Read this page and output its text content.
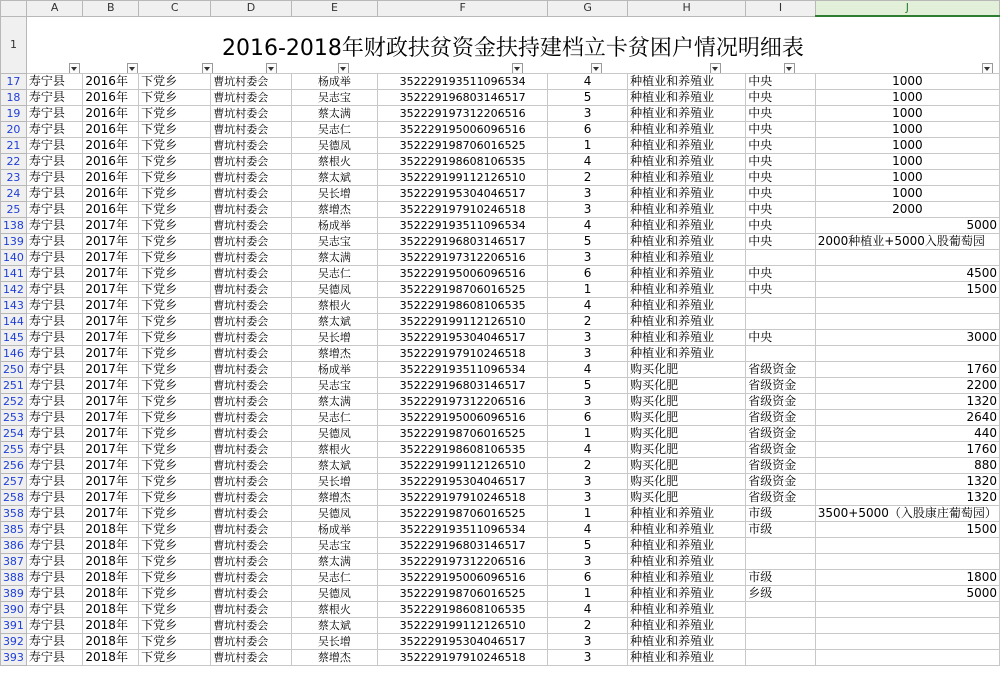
	A	B	C	D	E	F	G	H	I	J
1	2016-2018年财政扶贫资金扶持建档立卡贫困户情况明细表									

17	寿宁县	2016年	下党乡	曹坑村委会	杨成举	352229193511096534	4	种植业和养殖业	中央	1000
18	寿宁县	2016年	下党乡	曹坑村委会	吴志宝	352229196803146517	5	种植业和养殖业	中央	1000
19	寿宁县	2016年	下党乡	曹坑村委会	蔡太满	352229197312206516	3	种植业和养殖业	中央	1000
20	寿宁县	2016年	下党乡	曹坑村委会	吴志仁	352229195006096516	6	种植业和养殖业	中央	1000
21	寿宁县	2016年	下党乡	曹坑村委会	吴德凤	352229198706016525	1	种植业和养殖业	中央	1000
22	寿宁县	2016年	下党乡	曹坑村委会	蔡根火	352229198608106535	4	种植业和养殖业	中央	1000
23	寿宁县	2016年	下党乡	曹坑村委会	蔡太斌	352229199112126510	2	种植业和养殖业	中央	1000
24	寿宁县	2016年	下党乡	曹坑村委会	吴长增	352229195304046517	3	种植业和养殖业	中央	1000
25	寿宁县	2016年	下党乡	曹坑村委会	蔡增杰	352229197910246518	3	种植业和养殖业	中央	2000
138	寿宁县	2017年	下党乡	曹坑村委会	杨成举	352229193511096534	4	种植业和养殖业	中央	5000
139	寿宁县	2017年	下党乡	曹坑村委会	吴志宝	352229196803146517	5	种植业和养殖业	中央	2000种植业+5000入股葡萄园
140	寿宁县	2017年	下党乡	曹坑村委会	蔡太满	352229197312206516	3	种植业和养殖业		
141	寿宁县	2017年	下党乡	曹坑村委会	吴志仁	352229195006096516	6	种植业和养殖业	中央	4500
142	寿宁县	2017年	下党乡	曹坑村委会	吴德凤	352229198706016525	1	种植业和养殖业	中央	1500
143	寿宁县	2017年	下党乡	曹坑村委会	蔡根火	352229198608106535	4	种植业和养殖业		
144	寿宁县	2017年	下党乡	曹坑村委会	蔡太斌	352229199112126510	2	种植业和养殖业		
145	寿宁县	2017年	下党乡	曹坑村委会	吴长增	352229195304046517	3	种植业和养殖业	中央	3000
146	寿宁县	2017年	下党乡	曹坑村委会	蔡增杰	352229197910246518	3	种植业和养殖业		
250	寿宁县	2017年	下党乡	曹坑村委会	杨成举	352229193511096534	4	购买化肥	省级资金	1760
251	寿宁县	2017年	下党乡	曹坑村委会	吴志宝	352229196803146517	5	购买化肥	省级资金	2200
252	寿宁县	2017年	下党乡	曹坑村委会	蔡太满	352229197312206516	3	购买化肥	省级资金	1320
253	寿宁县	2017年	下党乡	曹坑村委会	吴志仁	352229195006096516	6	购买化肥	省级资金	2640
254	寿宁县	2017年	下党乡	曹坑村委会	吴德凤	352229198706016525	1	购买化肥	省级资金	440
255	寿宁县	2017年	下党乡	曹坑村委会	蔡根火	352229198608106535	4	购买化肥	省级资金	1760
256	寿宁县	2017年	下党乡	曹坑村委会	蔡太斌	352229199112126510	2	购买化肥	省级资金	880
257	寿宁县	2017年	下党乡	曹坑村委会	吴长增	352229195304046517	3	购买化肥	省级资金	1320
258	寿宁县	2017年	下党乡	曹坑村委会	蔡增杰	352229197910246518	3	购买化肥	省级资金	1320
358	寿宁县	2017年	下党乡	曹坑村委会	吴德凤	352229198706016525	1	种植业和养殖业	市级	3500+5000（入股康庄葡萄园）
385	寿宁县	2018年	下党乡	曹坑村委会	杨成举	352229193511096534	4	种植业和养殖业	市级	1500
386	寿宁县	2018年	下党乡	曹坑村委会	吴志宝	352229196803146517	5	种植业和养殖业		
387	寿宁县	2018年	下党乡	曹坑村委会	蔡太满	352229197312206516	3	种植业和养殖业		
388	寿宁县	2018年	下党乡	曹坑村委会	吴志仁	352229195006096516	6	种植业和养殖业	市级	1800
389	寿宁县	2018年	下党乡	曹坑村委会	吴德凤	352229198706016525	1	种植业和养殖业	乡级	5000
390	寿宁县	2018年	下党乡	曹坑村委会	蔡根火	352229198608106535	4	种植业和养殖业		
391	寿宁县	2018年	下党乡	曹坑村委会	蔡太斌	352229199112126510	2	种植业和养殖业		
392	寿宁县	2018年	下党乡	曹坑村委会	吴长增	352229195304046517	3	种植业和养殖业		
393	寿宁县	2018年	下党乡	曹坑村委会	蔡增杰	352229197910246518	3	种植业和养殖业		
